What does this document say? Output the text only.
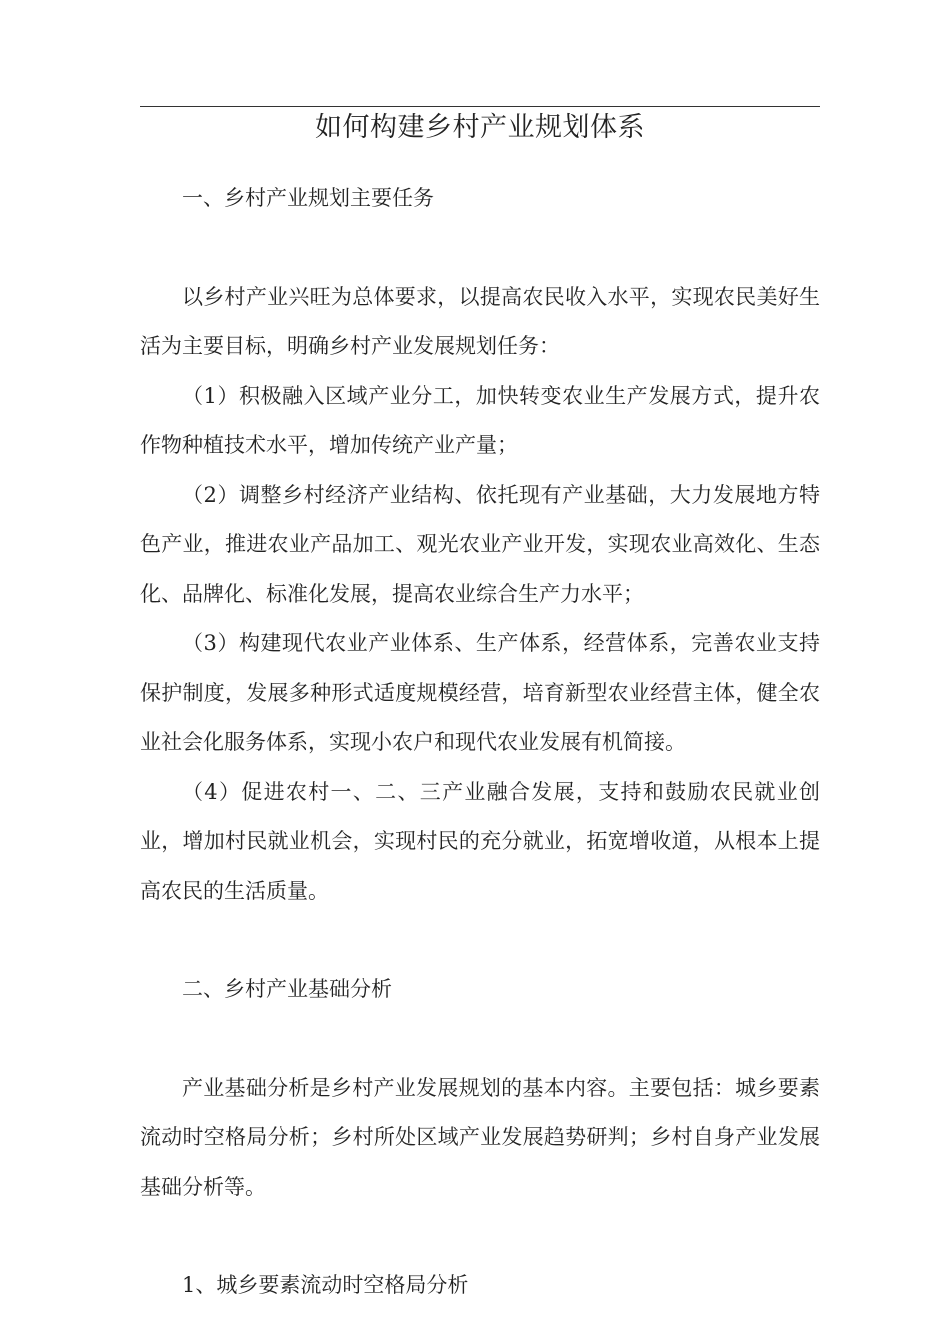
如何构建乡村产业规划体系

一、乡村产业规划主要任务

以乡村产业兴旺为总体要求，以提高农民收入水平，实现农民美好生活为主要目标，明确乡村产业发展规划任务：

（1）积极融入区域产业分工，加快转变农业生产发展方式，提升农作物种植技术水平，增加传统产业产量；

（2）调整乡村经济产业结构、依托现有产业基础，大力发展地方特色产业，推进农业产品加工、观光农业产业开发，实现农业高效化、生态化、品牌化、标准化发展，提高农业综合生产力水平；

（3）构建现代农业产业体系、生产体系，经营体系，完善农业支持保护制度，发展多种形式适度规模经营，培育新型农业经营主体，健全农业社会化服务体系，实现小农户和现代农业发展有机简接。

（4）促进农村一、二、三产业融合发展，支持和鼓励农民就业创业，增加村民就业机会，实现村民的充分就业，拓宽增收道，从根本上提高农民的生活质量。

二、乡村产业基础分析

产业基础分析是乡村产业发展规划的基本内容。主要包括：城乡要素流动时空格局分析；乡村所处区域产业发展趋势研判；乡村自身产业发展基础分析等。

1、城乡要素流动时空格局分析
